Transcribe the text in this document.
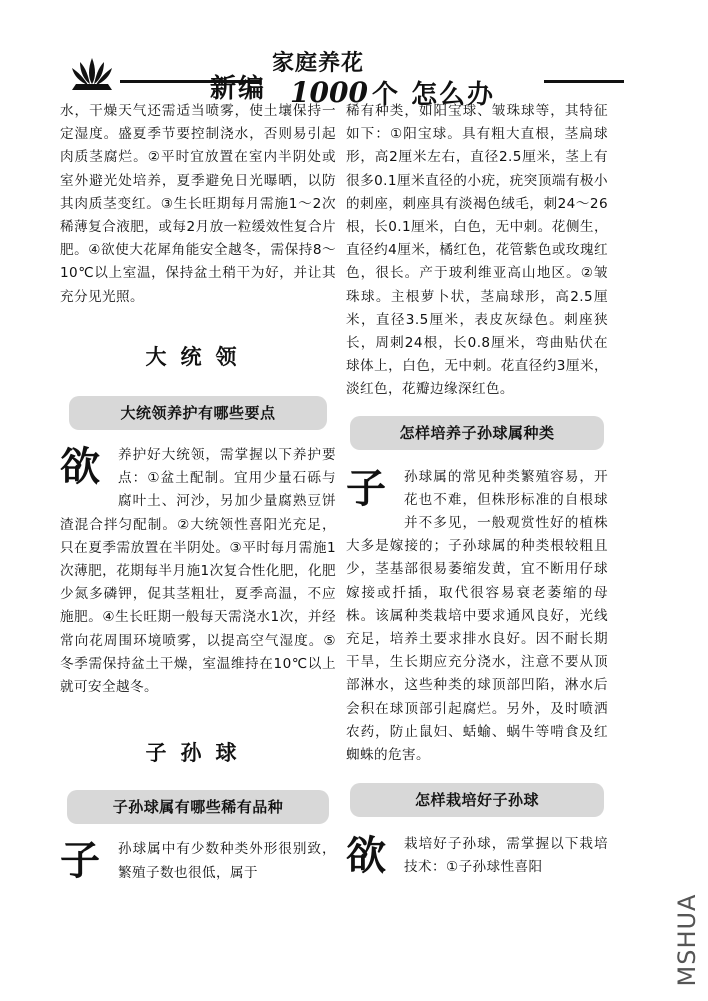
家庭养花
新编 1000 个 怎么办

水，干燥天气还需适当喷雾，使土壤保持一定湿度。盛夏季节要控制浇水，否则易引起肉质茎腐烂。②平时宜放置在室内半阴处或室外避光处培养，夏季避免日光曝晒，以防其肉质茎变红。③生长旺期每月需施1～2次稀薄复合液肥，或每2月放一粒缓效性复合片肥。④欲使大花犀角能安全越冬，需保持8～10℃以上室温，保持盆土稍干为好，并让其充分见光照。

大统领
大统领养护有哪些要点

欲	养护好大统领，需掌握以下养护要点：①盆土配制。宜用少量石砾与腐叶土、河沙，另加少量腐熟豆饼渣混合拌匀配制。②大统领性喜阳光充足，只在夏季需放置在半阴处。③平时每月需施1次薄肥，花期每半月施1次复合性化肥，化肥少氮多磷钾，促其茎粗壮，夏季高温，不应施肥。④生长旺期一般每天需浇水1次，并经常向花周围环境喷雾，以提高空气湿度。⑤冬季需保持盆土干燥，室温维持在10℃以上就可安全越冬。

子孙球
子孙球属有哪些稀有品种

子	孙球属中有少数种类外形很别致，繁殖子数也很低，属于

稀有种类，如阳宝球、皱珠球等，其特征如下：①阳宝球。具有粗大直根，茎扁球形，高2厘米左右，直径2.5厘米，茎上有很多0.1厘米直径的小疣，疣突顶端有极小的刺座，刺座具有淡褐色绒毛，刺24～26根，长0.1厘米，白色，无中刺。花侧生，直径约4厘米，橘红色，花管紫色或玫瑰红色，很长。产于玻利维亚高山地区。②皱珠球。主根萝卜状，茎扁球形，高2.5厘米，直径3.5厘米，表皮灰绿色。刺座狭长，周刺24根，长0.8厘米，弯曲贴伏在球体上，白色，无中刺。花直径约3厘米，淡红色，花瓣边缘深红色。

怎样培养子孙球属种类

子	孙球属的常见种类繁殖容易，开花也不难，但株形标准的自根球并不多见，一般观赏性好的植株大多是嫁接的；子孙球属的种类根较粗且少，茎基部很易萎缩发黄，宜不断用仔球嫁接或扦插，取代很容易衰老萎缩的母株。该属种类栽培中要求通风良好，光线充足，培养土要求排水良好。因不耐长期干旱，生长期应充分浇水，注意不要从顶部淋水，这些种类的球顶部凹陷，淋水后会积在球顶部引起腐烂。另外，及时喷洒农药，防止鼠妇、蛞蝓、蜗牛等啃食及红蜘蛛的危害。

怎样栽培好子孙球

欲	栽培好子孙球，需掌握以下栽培技术：①子孙球性喜阳

MSHUA
